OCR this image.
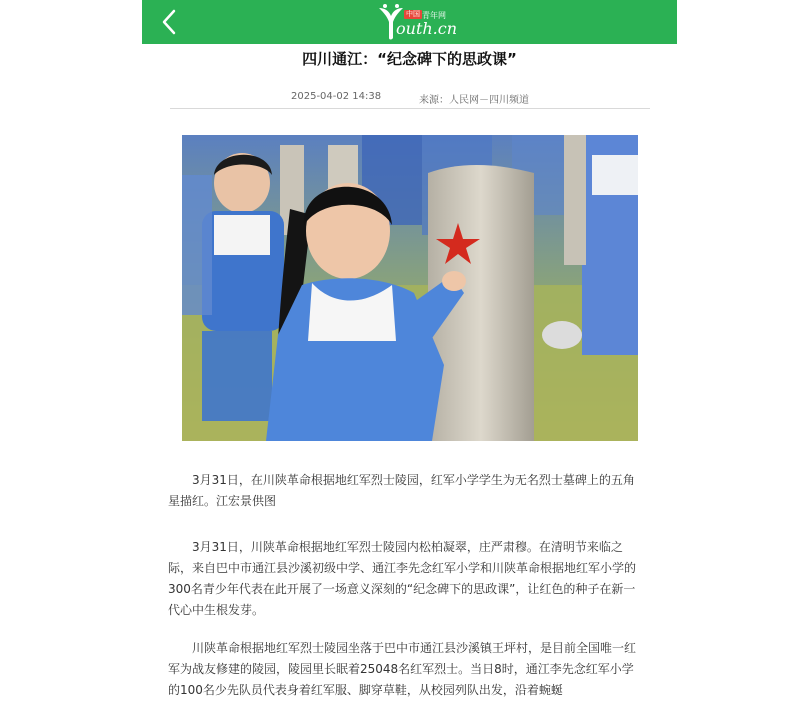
中国 青年网
outh.cn
四川通江：“纪念碑下的思政课”
2025-04-02 14:38	来源：人民网－四川频道

3月31日，在川陕革命根据地红军烈士陵园，红军小学学生为无名烈士墓碑上的五角星描红。江宏景供图

3月31日，川陕革命根据地红军烈士陵园内松柏凝翠，庄严肃穆。在清明节来临之际，来自巴中市通江县沙溪初级中学、通江李先念红军小学和川陕革命根据地红军小学的300名青少年代表在此开展了一场意义深刻的“纪念碑下的思政课”，让红色的种子在新一代心中生根发芽。

川陕革命根据地红军烈士陵园坐落于巴中市通江县沙溪镇王坪村，是目前全国唯一红军为战友修建的陵园，陵园里长眠着25048名红军烈士。当日8时，通江李先念红军小学的100名少先队员代表身着红军服、脚穿草鞋，从校园列队出发，沿着蜿蜒
